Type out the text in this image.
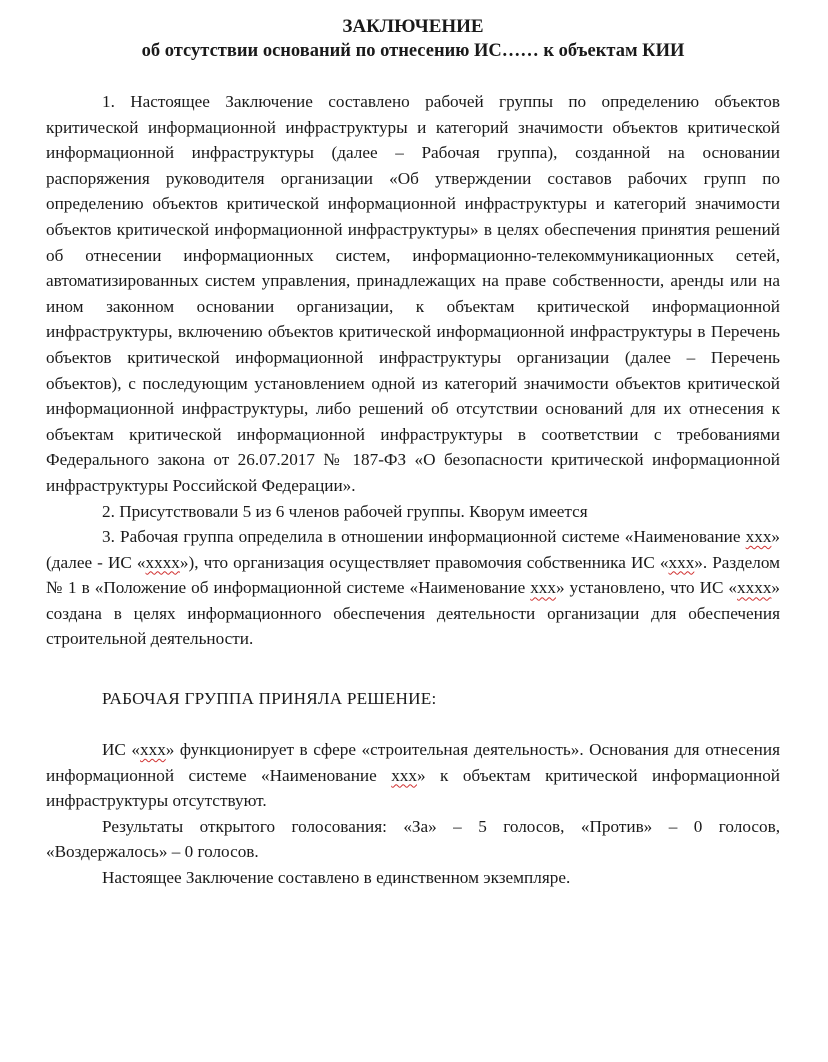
ЗАКЛЮЧЕНИЕ

об отсутствии оснований по отнесению ИС…… к объектам КИИ

1. Настоящее Заключение составлено рабочей группы по определению объектов критической информационной инфраструктуры и категорий значимости объектов критической информационной инфраструктуры (далее – Рабочая группа), созданной на основании распоряжения руководителя организации «Об утверждении составов рабочих групп по определению объектов критической информационной инфраструктуры и категорий значимости объектов критической информационной инфраструктуры» в целях обеспечения принятия решений об отнесении информационных систем, информационно-телекоммуникационных сетей, автоматизированных систем управления, принадлежащих на праве собственности, аренды или на ином законном основании организации, к объектам критической информационной инфраструктуры, включению объектов критической информационной инфраструктуры в Перечень объектов критической информационной инфраструктуры организации (далее – Перечень объектов), с последующим установлением одной из категорий значимости объектов критической информационной инфраструктуры, либо решений об отсутствии оснований для их отнесения к объектам критической информационной инфраструктуры в соответствии с требованиями Федерального закона от 26.07.2017 № 187-ФЗ «О безопасности критической информационной инфраструктуры Российской Федерации».

2. Присутствовали 5 из 6 членов рабочей группы. Кворум имеется

3. Рабочая группа определила в отношении информационной системе «Наименование ххх» (далее - ИС «хххх»), что организация осуществляет правомочия собственника ИС «ххх». Разделом № 1 в «Положение об информационной системе «Наименование ххх» установлено, что ИС «хххх» создана в целях информационного обеспечения деятельности организации для обеспечения строительной деятельности.

РАБОЧАЯ ГРУППА ПРИНЯЛА РЕШЕНИЕ:

ИС «ххх» функционирует в сфере «строительная деятельность». Основания для отнесения информационной системе «Наименование ххх» к объектам критической информационной инфраструктуры отсутствуют.

Результаты открытого голосования: «За» – 5 голосов, «Против» – 0 голосов, «Воздержалось» – 0 голосов.

Настоящее Заключение составлено в единственном экземпляре.
